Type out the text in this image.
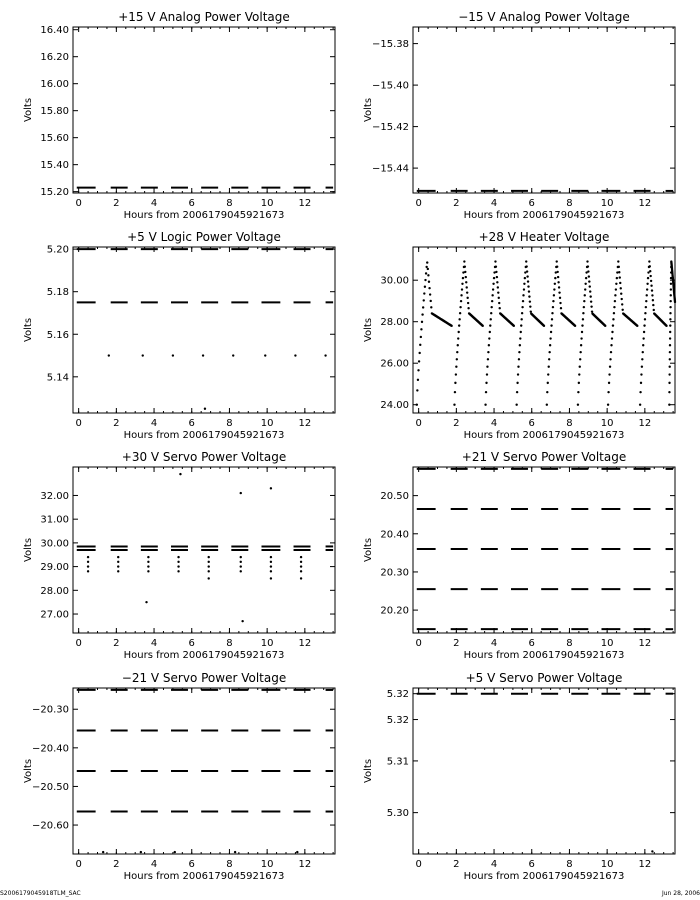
+15 V Analog Power Voltage
0	2	4	6	8	10 12
15.20
15.40
15.60
15.80
16.00
16.20
16.40
Hours from 2006179045921673
Volts
−15 V Analog Power Voltage
0	2	4	6	8	10 12
−15.44
−15.42
−15.40
−15.38
Hours from 2006179045921673
Volts
+5 V Logic Power Voltage
0	2	4	6	8	10 12
5.14
5.16
5.18
5.20
Hours from 2006179045921673
Volts
+28 V Heater Voltage
0	2	4	6	8	10 12
24.00
26.00
28.00
30.00
Hours from 2006179045921673
Volts
+30 V Servo Power Voltage
0	2	4	6	8	10 12
27.00
28.00
29.00
30.00
31.00
32.00
Hours from 2006179045921673
Volts
+21 V Servo Power Voltage
0	2	4	6	8	10 12
20.20
20.30
20.40
20.50
Hours from 2006179045921673
Volts
−21 V Servo Power Voltage
0	2	4	6	8	10 12
−20.60
−20.50
−20.40
−20.30
Hours from 2006179045921673
Volts
+5 V Servo Power Voltage
0	2	4	6	8	10 12
5.30
5.31
5.32
5.32
Hours from 2006179045921673
Volts
S2006179045918TLM_SAC	Jun 28, 2006
